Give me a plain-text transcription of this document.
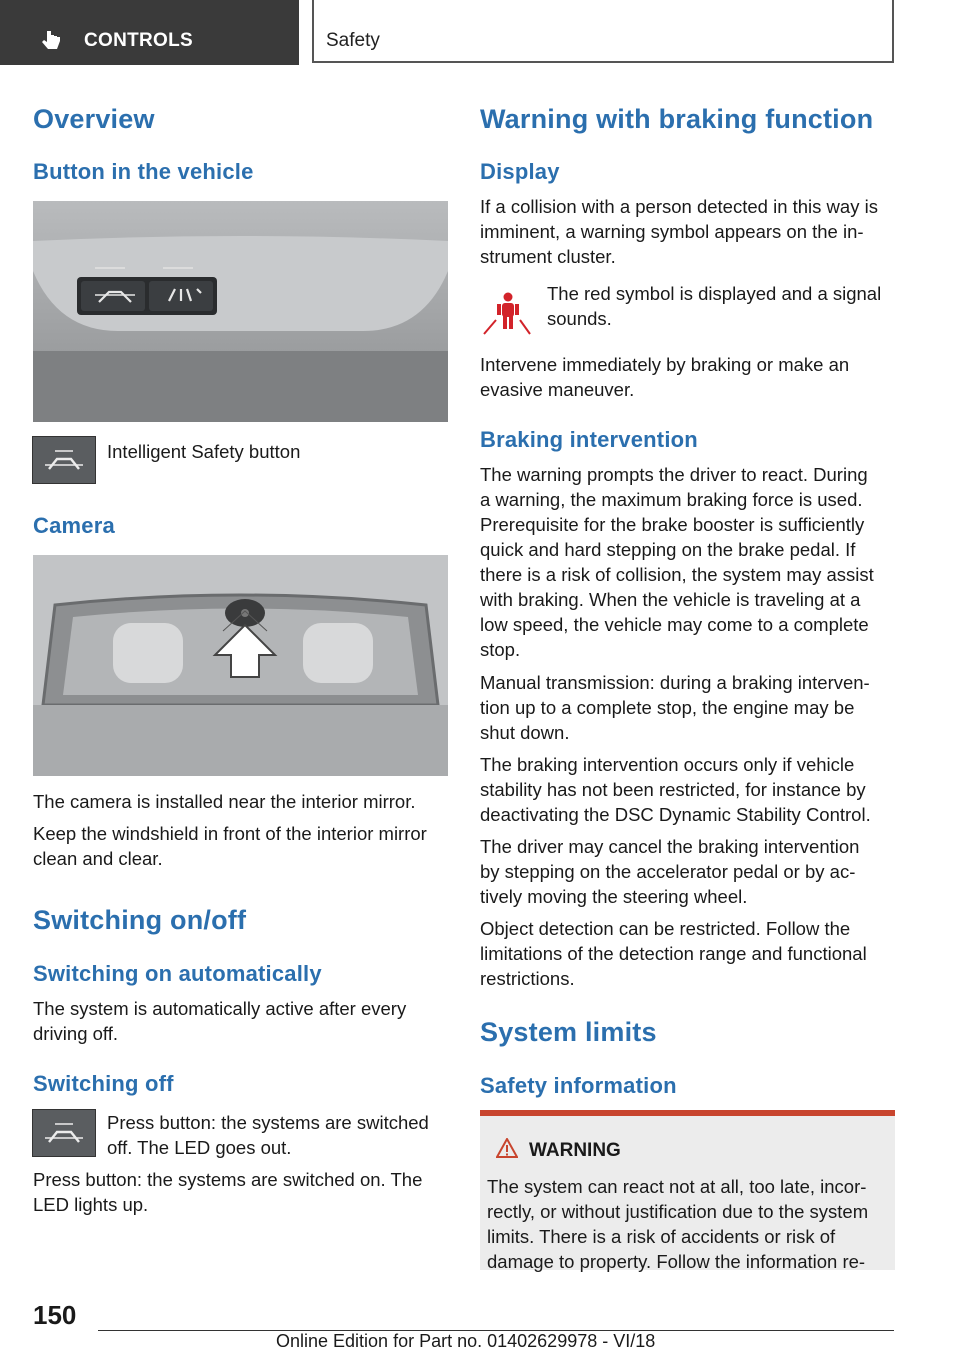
CONTROLS	Safety
Overview
Button in the vehicle
Intelligent Safety button
Camera
The camera is installed near the interior mirror.
Keep the windshield in front of the interior mirror
clean and clear.
Switching on/off
Switching on automatically
The system is automatically active after every
driving off.
Switching off
Press button: the systems are switched
off. The LED goes out.
Press button: the systems are switched on. The
LED lights up.
Warning with braking function
Display
If a collision with a person detected in this way is
imminent, a warning symbol appears on the in-
strument cluster.
The red symbol is displayed and a signal
sounds.
Intervene immediately by braking or make an
evasive maneuver.
Braking intervention
The warning prompts the driver to react. During
a warning, the maximum braking force is used.
Prerequisite for the brake booster is sufficiently
quick and hard stepping on the brake pedal. If
there is a risk of collision, the system may assist
with braking. When the vehicle is traveling at a
low speed, the vehicle may come to a complete
stop.
Manual transmission: during a braking interven-
tion up to a complete stop, the engine may be
shut down.
The braking intervention occurs only if vehicle
stability has not been restricted, for instance by
deactivating the DSC Dynamic Stability Control.
The driver may cancel the braking intervention
by stepping on the accelerator pedal or by ac-
tively moving the steering wheel.
Object detection can be restricted. Follow the
limitations of the detection range and functional
restrictions.
System limits
Safety information
WARNING
The system can react not at all, too late, incor-
rectly, or without justification due to the system
limits. There is a risk of accidents or risk of
damage to property. Follow the information re-
150
Online Edition for Part no. 01402629978 - VI/18
